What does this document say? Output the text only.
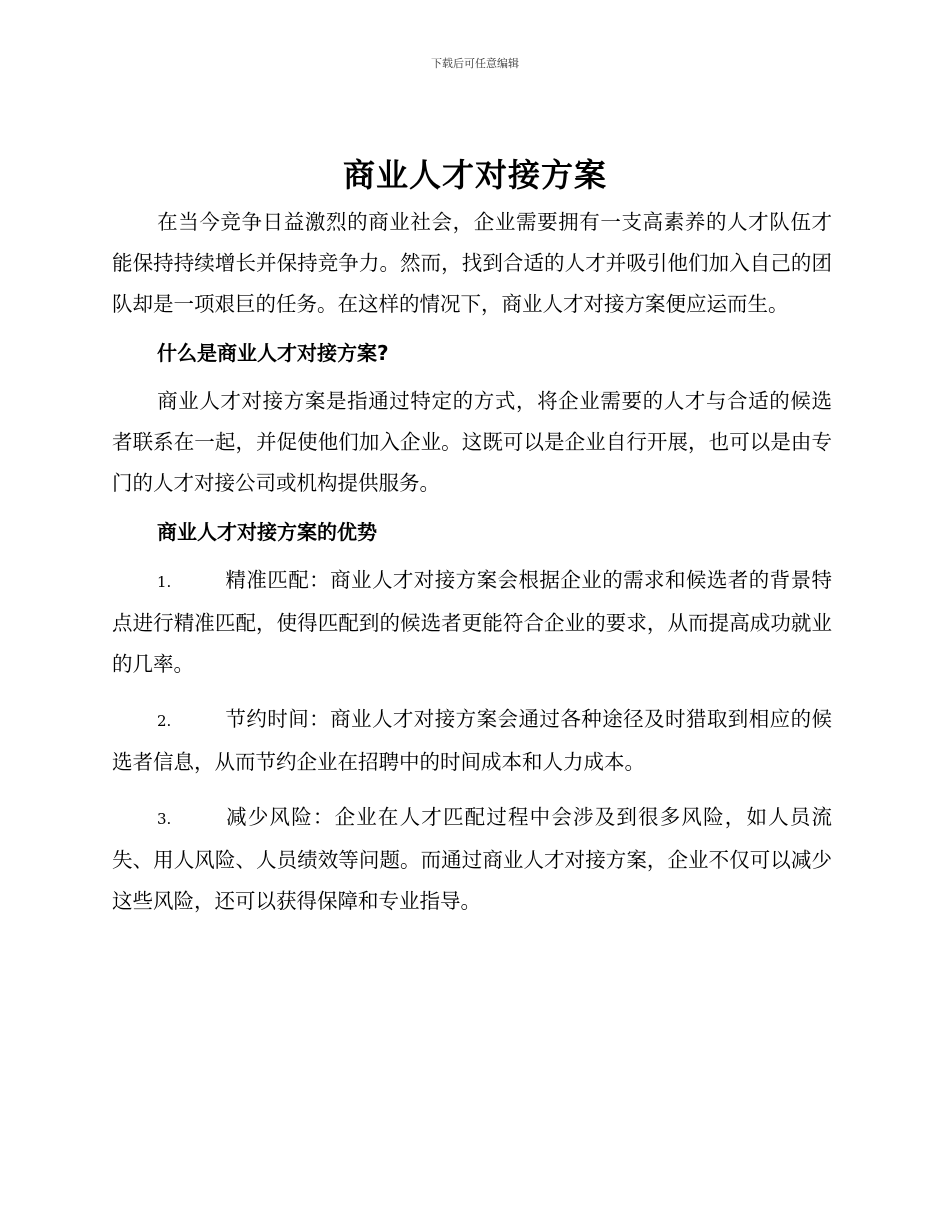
下载后可任意编辑
商业人才对接方案

在当今竞争日益激烈的商业社会，企业需要拥有一支高素养的人才队伍才能保持持续增长并保持竞争力。然而，找到合适的人才并吸引他们加入自己的团队却是一项艰巨的任务。在这样的情况下，商业人才对接方案便应运而生。

什么是商业人才对接方案?

商业人才对接方案是指通过特定的方式，将企业需要的人才与合适的候选者联系在一起，并促使他们加入企业。这既可以是企业自行开展，也可以是由专门的人才对接公司或机构提供服务。

商业人才对接方案的优势
1.	精准匹配：商业人才对接方案会根据企业的需求和候选者的背景特点进行精准匹配，使得匹配到的候选者更能符合企业的要求，从而提高成功就业的几率。
2.	节约时间：商业人才对接方案会通过各种途径及时猎取到相应的候选者信息，从而节约企业在招聘中的时间成本和人力成本。
3.	减少风险：企业在人才匹配过程中会涉及到很多风险，如人员流失、用人风险、人员绩效等问题。而通过商业人才对接方案，企业不仅可以减少这些风险，还可以获得保障和专业指导。
